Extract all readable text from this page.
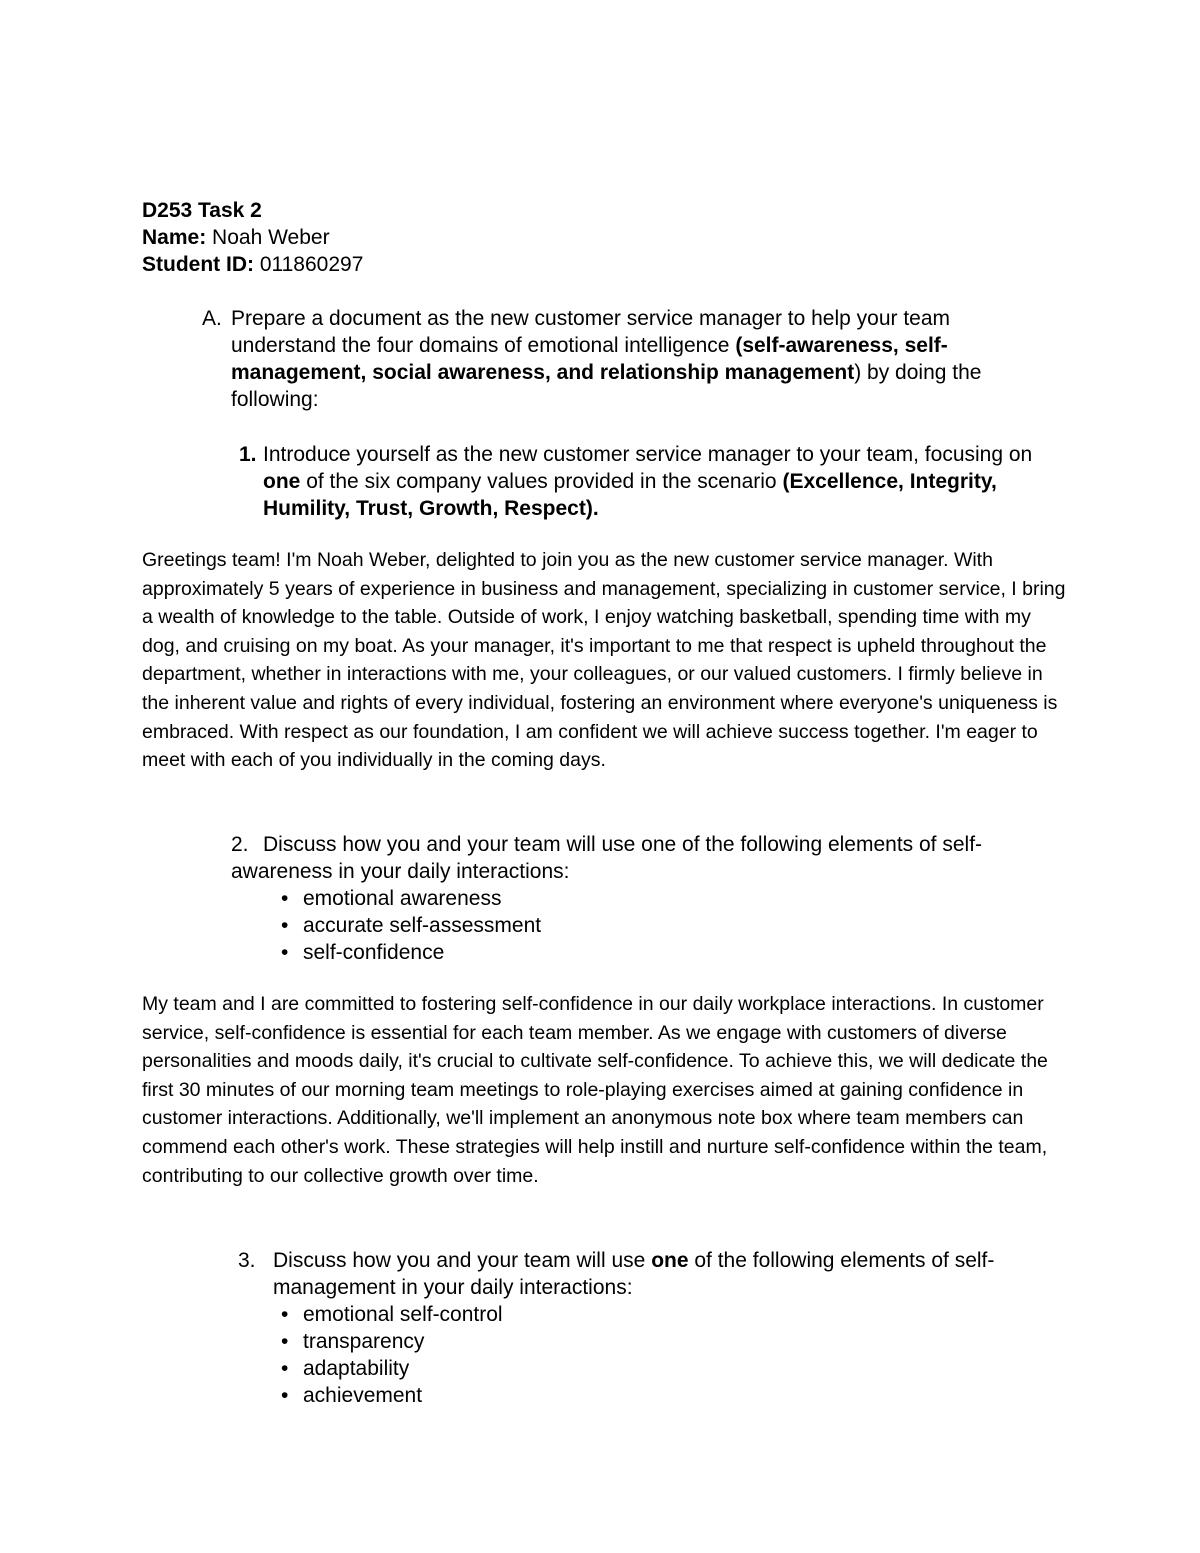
D253 Task 2
Name: Noah Weber
Student ID: 011860297
A. Prepare a document as the new customer service manager to help your team understand the four domains of emotional intelligence (self-awareness, self-management, social awareness, and relationship management) by doing the following:
1. Introduce yourself as the new customer service manager to your team, focusing on one of the six company values provided in the scenario (Excellence, Integrity, Humility, Trust, Growth, Respect).
Greetings team! I'm Noah Weber, delighted to join you as the new customer service manager. With approximately 5 years of experience in business and management, specializing in customer service, I bring a wealth of knowledge to the table. Outside of work, I enjoy watching basketball, spending time with my dog, and cruising on my boat. As your manager, it's important to me that respect is upheld throughout the department, whether in interactions with me, your colleagues, or our valued customers. I firmly believe in the inherent value and rights of every individual, fostering an environment where everyone's uniqueness is embraced. With respect as our foundation, I am confident we will achieve success together. I'm eager to meet with each of you individually in the coming days.
2. Discuss how you and your team will use one of the following elements of self-awareness in your daily interactions:
• emotional awareness
• accurate self-assessment
• self-confidence
My team and I are committed to fostering self-confidence in our daily workplace interactions. In customer service, self-confidence is essential for each team member. As we engage with customers of diverse personalities and moods daily, it's crucial to cultivate self-confidence. To achieve this, we will dedicate the first 30 minutes of our morning team meetings to role-playing exercises aimed at gaining confidence in customer interactions. Additionally, we'll implement an anonymous note box where team members can commend each other's work. These strategies will help instill and nurture self-confidence within the team, contributing to our collective growth over time.
3. Discuss how you and your team will use one of the following elements of self-management in your daily interactions:
• emotional self-control
• transparency
• adaptability
• achievement
